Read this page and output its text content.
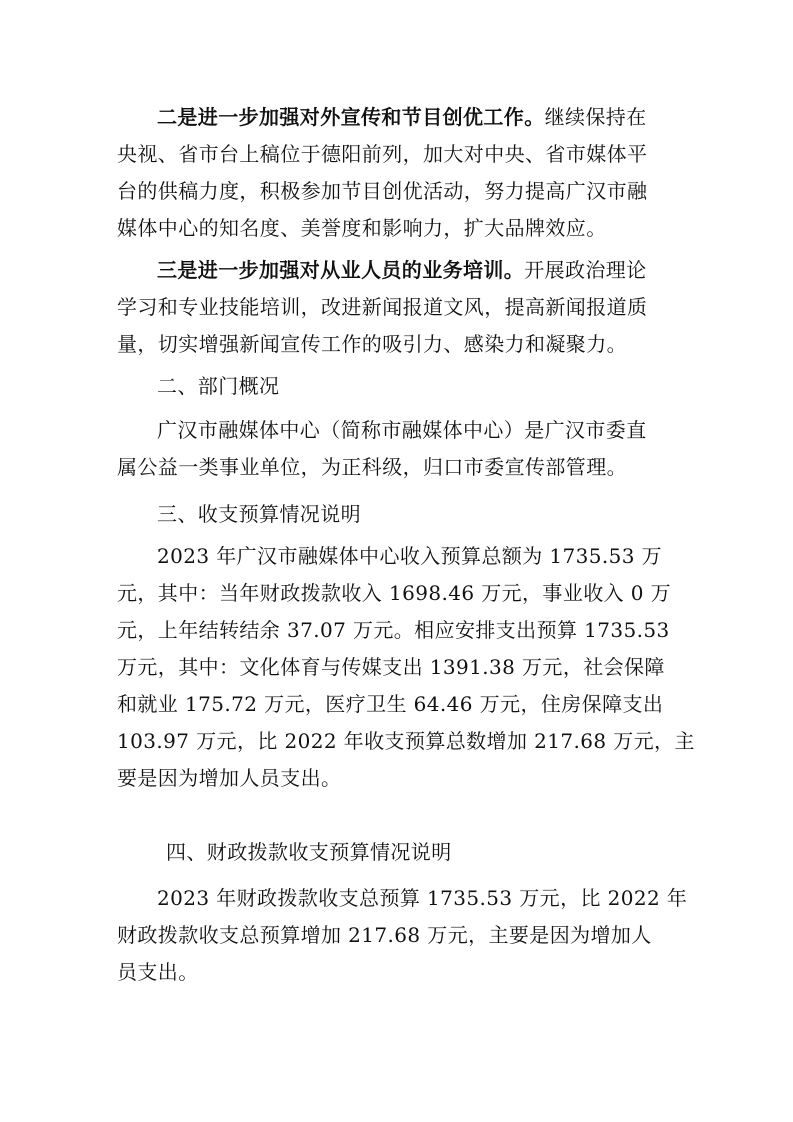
二是进一步加强对外宣传和节目创优工作。继续保持在
央视、省市台上稿位于德阳前列，加大对中央、省市媒体平
台的供稿力度，积极参加节目创优活动，努力提高广汉市融
媒体中心的知名度、美誉度和影响力，扩大品牌效应。
三是进一步加强对从业人员的业务培训。开展政治理论
学习和专业技能培训，改进新闻报道文风，提高新闻报道质
量，切实增强新闻宣传工作的吸引力、感染力和凝聚力。
二、部门概况
广汉市融媒体中心（简称市融媒体中心）是广汉市委直
属公益一类事业单位，为正科级，归口市委宣传部管理。
三、收支预算情况说明
2023 年广汉市融媒体中心收入预算总额为 1735.53 万
元，其中：当年财政拨款收入 1698.46 万元，事业收入 0 万
元，上年结转结余 37.07 万元。相应安排支出预算 1735.53
万元，其中：文化体育与传媒支出 1391.38 万元，社会保障
和就业 175.72 万元，医疗卫生 64.46 万元，住房保障支出
103.97 万元，比 2022 年收支预算总数增加 217.68 万元，主
要是因为增加人员支出。
四、财政拨款收支预算情况说明
2023 年财政拨款收支总预算 1735.53 万元，比 2022 年
财政拨款收支总预算增加 217.68 万元，主要是因为增加人
员支出。
